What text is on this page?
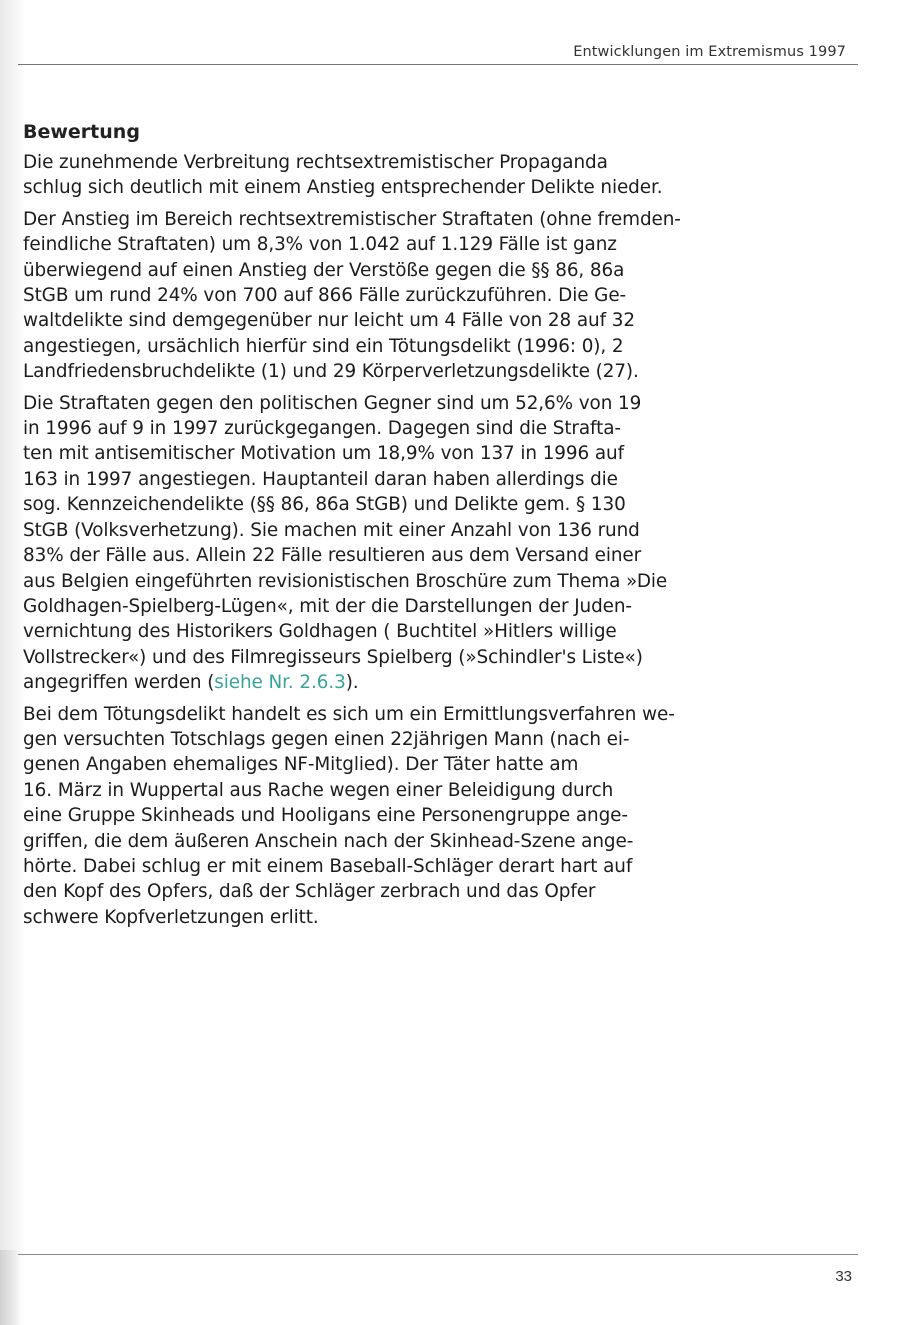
Entwicklungen im Extremismus 1997
Bewertung

Die zunehmende Verbreitung rechtsextremistischer Propaganda
schlug sich deutlich mit einem Anstieg entsprechender Delikte nieder.

Der Anstieg im Bereich rechtsextremistischer Straftaten (ohne fremden-
feindliche Straftaten) um 8,3% von 1.042 auf 1.129 Fälle ist ganz
überwiegend auf einen Anstieg der Verstöße gegen die §§ 86, 86a
StGB um rund 24% von 700 auf 866 Fälle zurückzuführen. Die Ge-
waltdelikte sind demgegenüber nur leicht um 4 Fälle von 28 auf 32
angestiegen, ursächlich hierfür sind ein Tötungsdelikt (1996: 0), 2
Landfriedensbruchdelikte (1) und 29 Körperverletzungsdelikte (27).

Die Straftaten gegen den politischen Gegner sind um 52,6% von 19
in 1996 auf 9 in 1997 zurückgegangen. Dagegen sind die Strafta-
ten mit antisemitischer Motivation um 18,9% von 137 in 1996 auf
163 in 1997 angestiegen. Hauptanteil daran haben allerdings die
sog. Kennzeichendelikte (§§ 86, 86a StGB) und Delikte gem. § 130
StGB (Volksverhetzung). Sie machen mit einer Anzahl von 136 rund
83% der Fälle aus. Allein 22 Fälle resultieren aus dem Versand einer
aus Belgien eingeführten revisionistischen Broschüre zum Thema »Die
Goldhagen-Spielberg-Lügen«, mit der die Darstellungen der Juden-
vernichtung des Historikers Goldhagen ( Buchtitel »Hitlers willige
Vollstrecker«) und des Filmregisseurs Spielberg (»Schindler's Liste«)
angegriffen werden (siehe Nr. 2.6.3).

Bei dem Tötungsdelikt handelt es sich um ein Ermittlungsverfahren we-
gen versuchten Totschlags gegen einen 22jährigen Mann (nach ei-
genen Angaben ehemaliges NF-Mitglied). Der Täter hatte am
16. März in Wuppertal aus Rache wegen einer Beleidigung durch
eine Gruppe Skinheads und Hooligans eine Personengruppe ange-
griffen, die dem äußeren Anschein nach der Skinhead-Szene ange-
hörte. Dabei schlug er mit einem Baseball-Schläger derart hart auf
den Kopf des Opfers, daß der Schläger zerbrach und das Opfer
schwere Kopfverletzungen erlitt.

33
